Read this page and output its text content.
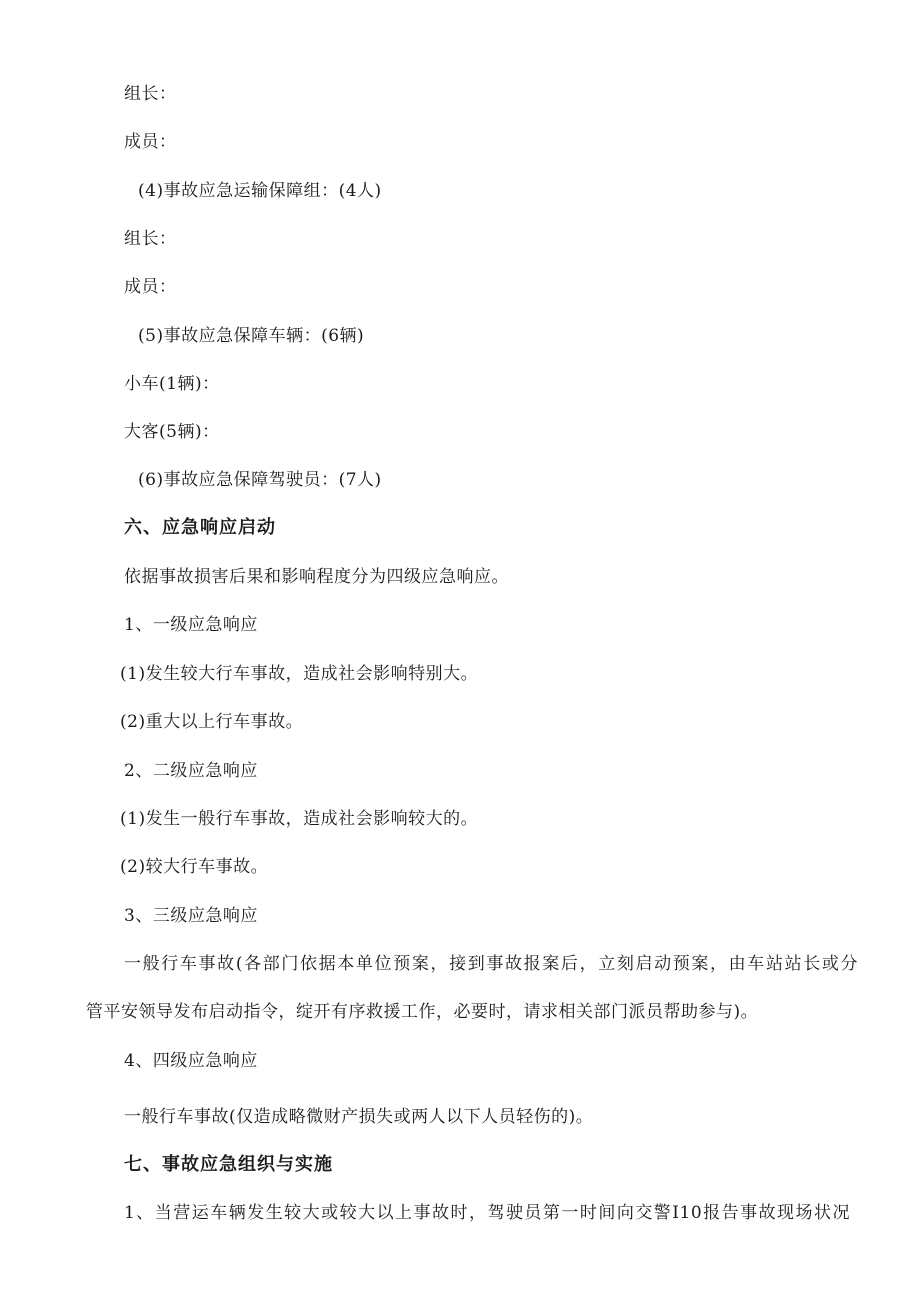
组长：
成员：
(4)事故应急运输保障组：(4人)
组长：
成员：
(5)事故应急保障车辆：(6辆)
小车(1辆)：
大客(5辆)：
(6)事故应急保障驾驶员：(7人)
六、应急响应启动
依据事故损害后果和影响程度分为四级应急响应。
1、一级应急响应
(1)发生较大行车事故，造成社会影响特别大。
(2)重大以上行车事故。
2、二级应急响应
(1)发生一般行车事故，造成社会影响较大的。
(2)较大行车事故。
3、三级应急响应
一般行车事故(各部门依据本单位预案，接到事故报案后，立刻启动预案，由车站站长或分
管平安领导发布启动指令，绽开有序救援工作，必要时，请求相关部门派员帮助参与)。
4、四级应急响应
一般行车事故(仅造成略微财产损失或两人以下人员轻伤的)。
七、事故应急组织与实施
1、当营运车辆发生较大或较大以上事故时，驾驶员第一时间向交警I10报告事故现场状况
